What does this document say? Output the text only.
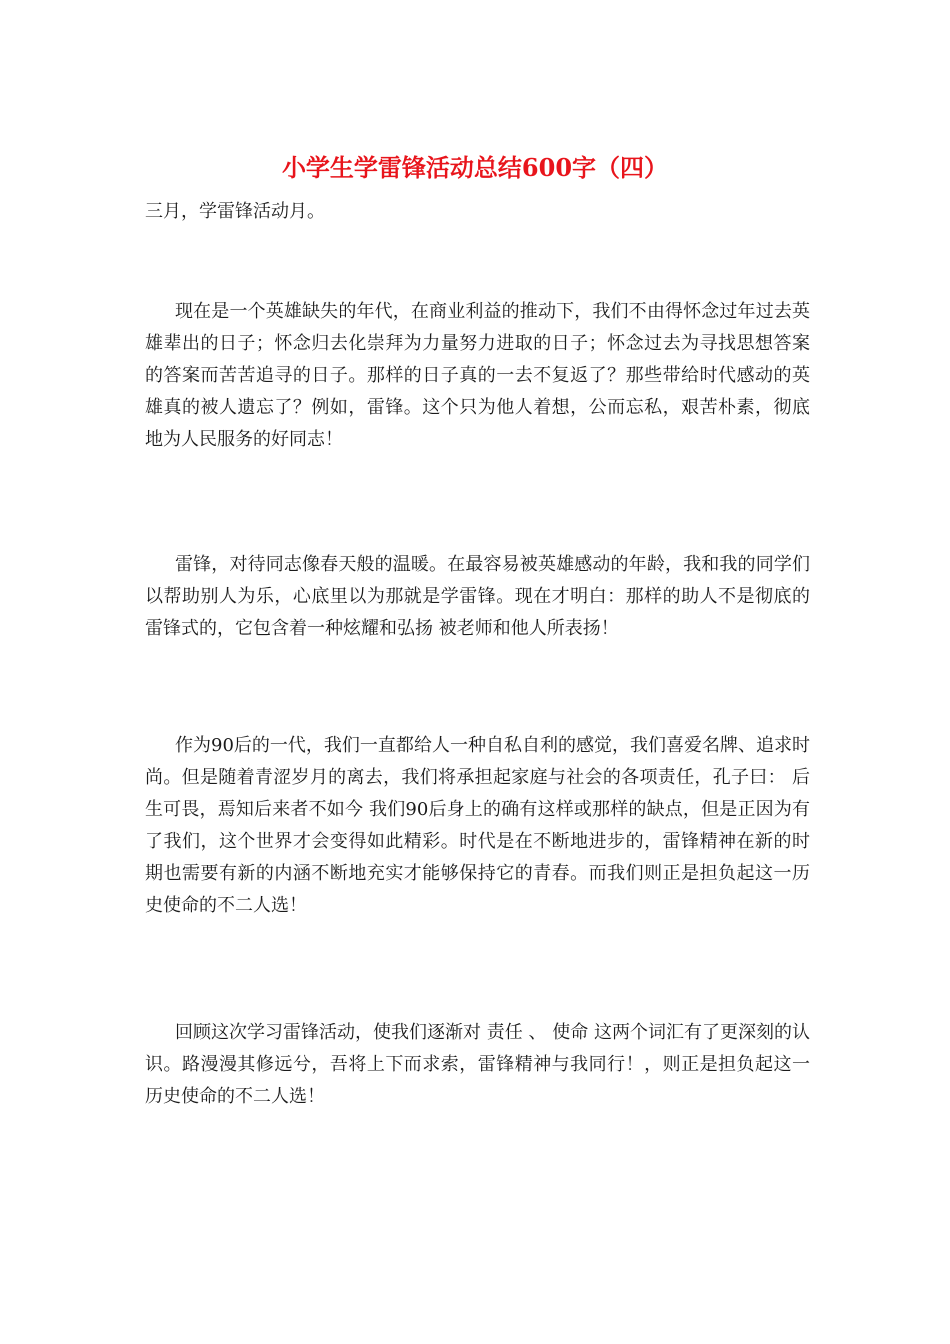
小学生学雷锋活动总结600字（四）
三月，学雷锋活动月。

现在是一个英雄缺失的年代，在商业利益的推动下，我们不由得怀念过年过去英雄辈出的日子；怀念归去化崇拜为力量努力进取的日子；怀念过去为寻找思想答案的答案而苦苦追寻的日子。那样的日子真的一去不复返了？那些带给时代感动的英雄真的被人遗忘了？例如，雷锋。这个只为他人着想，公而忘私，艰苦朴素，彻底地为人民服务的好同志！

雷锋，对待同志像春天般的温暖。在最容易被英雄感动的年龄，我和我的同学们以帮助别人为乐，心底里以为那就是学雷锋。现在才明白：那样的助人不是彻底的雷锋式的，它包含着一种炫耀和弘扬 被老师和他人所表扬！

作为90后的一代，我们一直都给人一种自私自利的感觉，我们喜爱名牌、追求时尚。但是随着青涩岁月的离去，我们将承担起家庭与社会的各项责任，孔子曰： 后生可畏，焉知后来者不如今 我们90后身上的确有这样或那样的缺点，但是正因为有了我们，这个世界才会变得如此精彩。时代是在不断地进步的，雷锋精神在新的时期也需要有新的内涵不断地充实才能够保持它的青春。而我们则正是担负起这一历史使命的不二人选！

回顾这次学习雷锋活动，使我们逐渐对 责任 、 使命 这两个词汇有了更深刻的认识。路漫漫其修远兮，吾将上下而求索，雷锋精神与我同行！，则正是担负起这一历史使命的不二人选！
